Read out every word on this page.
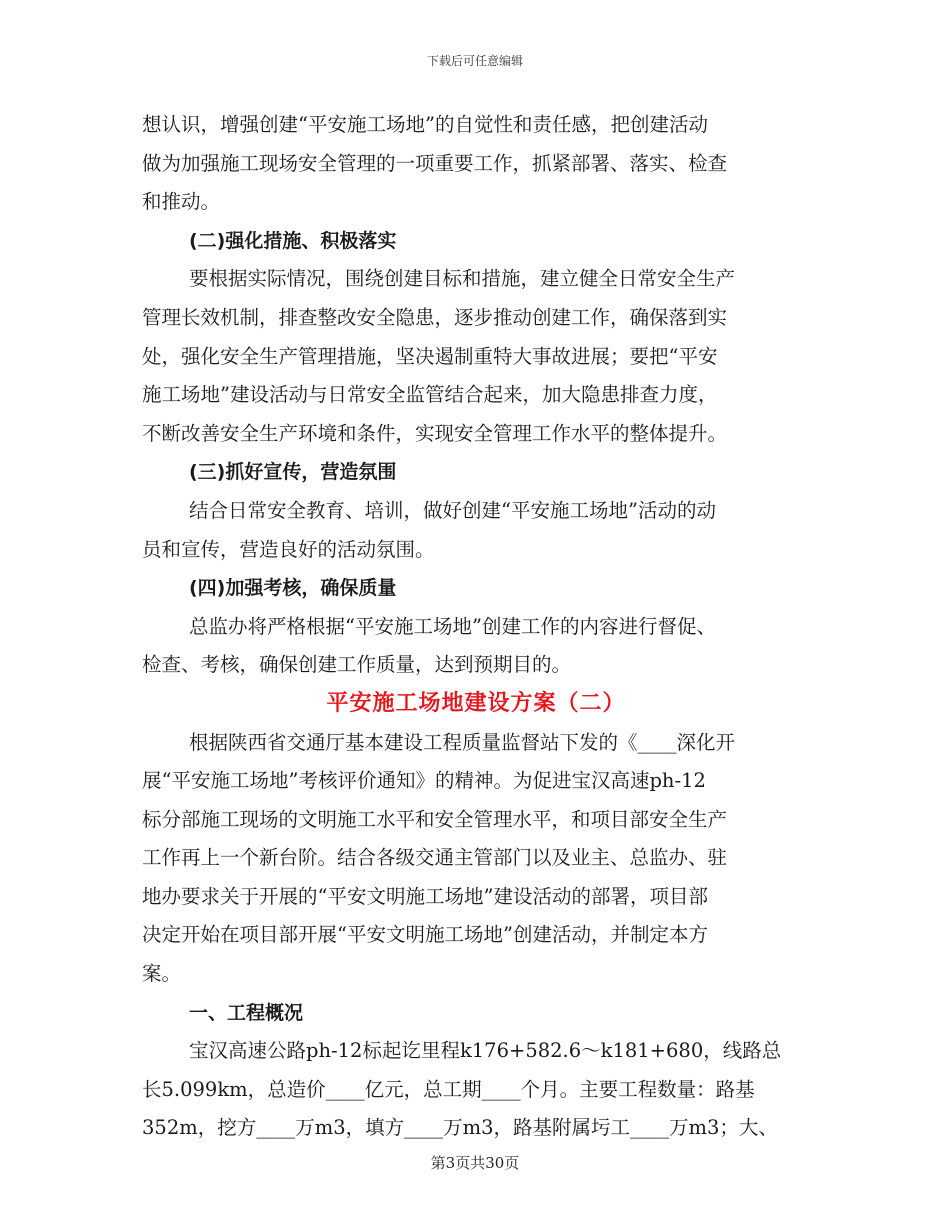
下载后可任意编辑
想认识，增强创建“平安施工场地”的自觉性和责任感，把创建活动
做为加强施工现场安全管理的一项重要工作，抓紧部署、落实、检查
和推动。
(二)强化措施、积极落实
要根据实际情况，围绕创建目标和措施，建立健全日常安全生产
管理长效机制，排查整改安全隐患，逐步推动创建工作，确保落到实
处，强化安全生产管理措施，坚决遏制重特大事故进展；要把“平安
施工场地”建设活动与日常安全监管结合起来，加大隐患排查力度，
不断改善安全生产环境和条件，实现安全管理工作水平的整体提升。
(三)抓好宣传，营造氛围
结合日常安全教育、培训，做好创建“平安施工场地”活动的动
员和宣传，营造良好的活动氛围。
(四)加强考核，确保质量
总监办将严格根据“平安施工场地”创建工作的内容进行督促、
检查、考核，确保创建工作质量，达到预期目的。
平安施工场地建设方案（二）
根据陕西省交通厅基本建设工程质量监督站下发的《____深化开
展“平安施工场地”考核评价通知》的精神。为促进宝汉高速ph-12
标分部施工现场的文明施工水平和安全管理水平，和项目部安全生产
工作再上一个新台阶。结合各级交通主管部门以及业主、总监办、驻
地办要求关于开展的“平安文明施工场地”建设活动的部署，项目部
决定开始在项目部开展“平安文明施工场地”创建活动，并制定本方
案。
一、工程概况
宝汉高速公路ph-12标起讫里程k176+582.6～k181+680，线路总
长5.099km，总造价____亿元，总工期____个月。主要工程数量：路基
352m，挖方____万m3，填方____万m3，路基附属圬工____万m3；大、
第3页共30页
